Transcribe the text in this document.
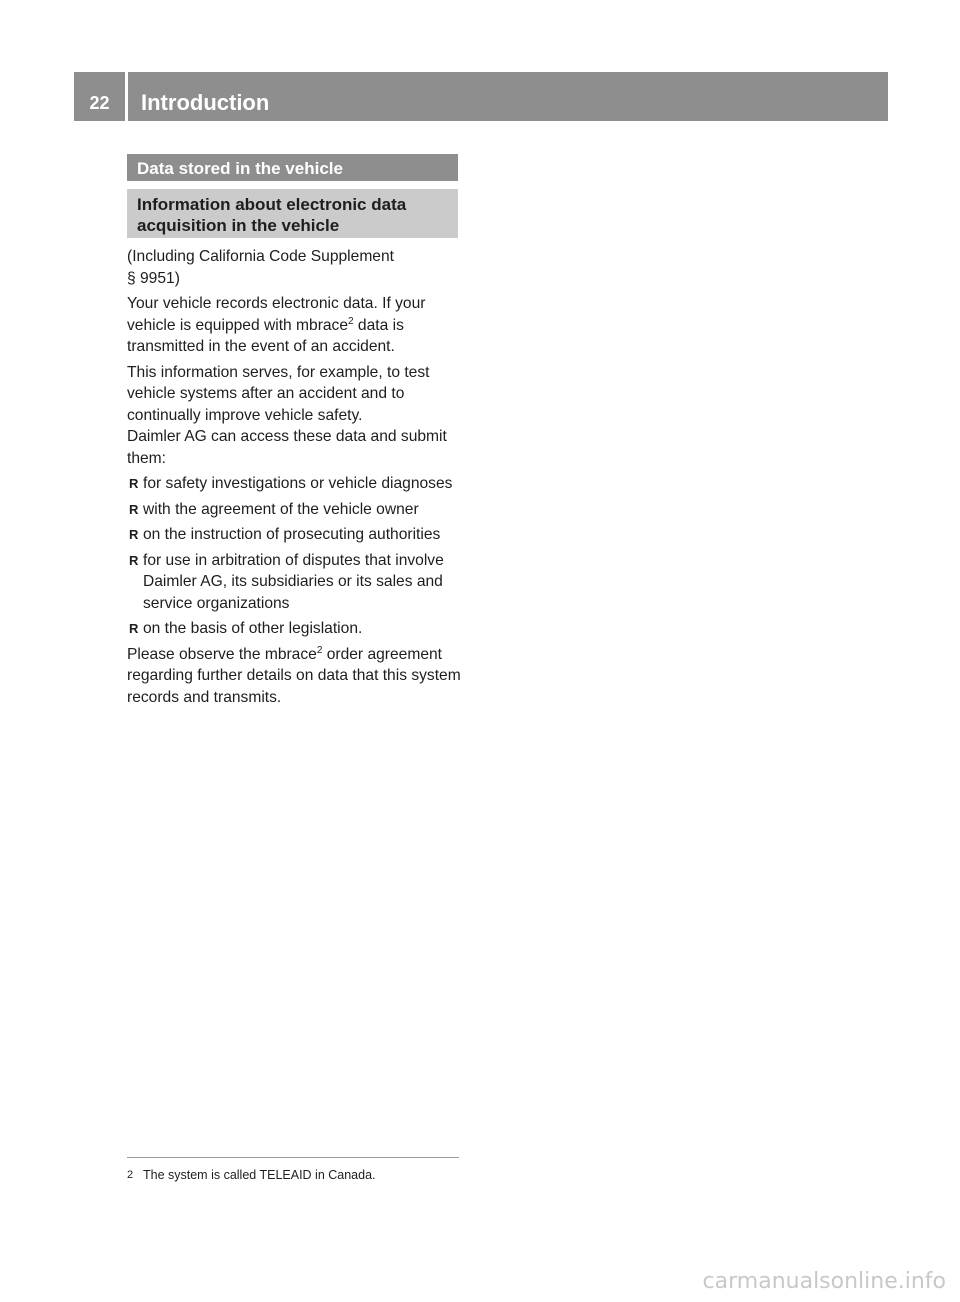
22	Introduction
Data stored in the vehicle
Information about electronic data acquisition in the vehicle

(Including California Code Supplement

§ 9951)

Your vehicle records electronic data. If your vehicle is equipped with mbrace$^2$ data is transmitted in the event of an accident.

This information serves, for example, to test vehicle systems after an accident and to continually improve vehicle safety.

Daimler AG can access these data and submit them:

R for safety investigations or vehicle diagnoses
R with the agreement of the vehicle owner
R on the instruction of prosecuting authorities
R for use in arbitration of disputes that involve Daimler AG, its subsidiaries or its sales and service organizations
R on the basis of other legislation.

Please observe the mbrace$^2$ order agreement regarding further details on data that this system records and transmits.

2 The system is called TELEAID in Canada.
carmanualsonline.info
